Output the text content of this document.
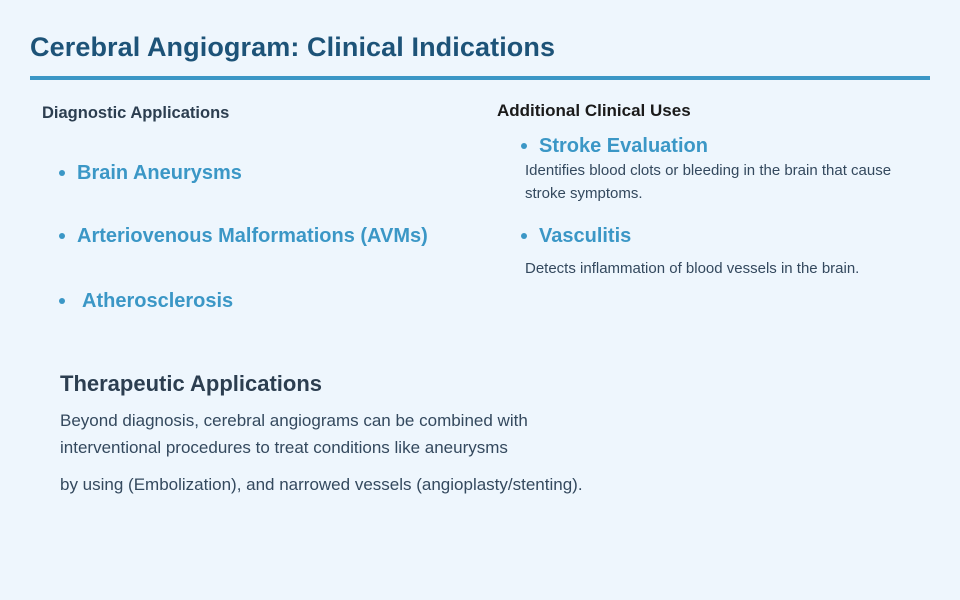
Cerebral Angiogram: Clinical Indications
Diagnostic Applications
Brain Aneurysms
Arteriovenous Malformations (AVMs)
Atherosclerosis
Additional Clinical Uses
Stroke Evaluation

Identifies blood clots or bleeding in the brain that cause stroke symptoms.

Vasculitis

Detects inflammation of blood vessels in the brain.

Therapeutic Applications

Beyond diagnosis, cerebral angiograms can be combined with interventional procedures to treat conditions like aneurysms

by using (Embolization), and narrowed vessels (angioplasty/stenting).
